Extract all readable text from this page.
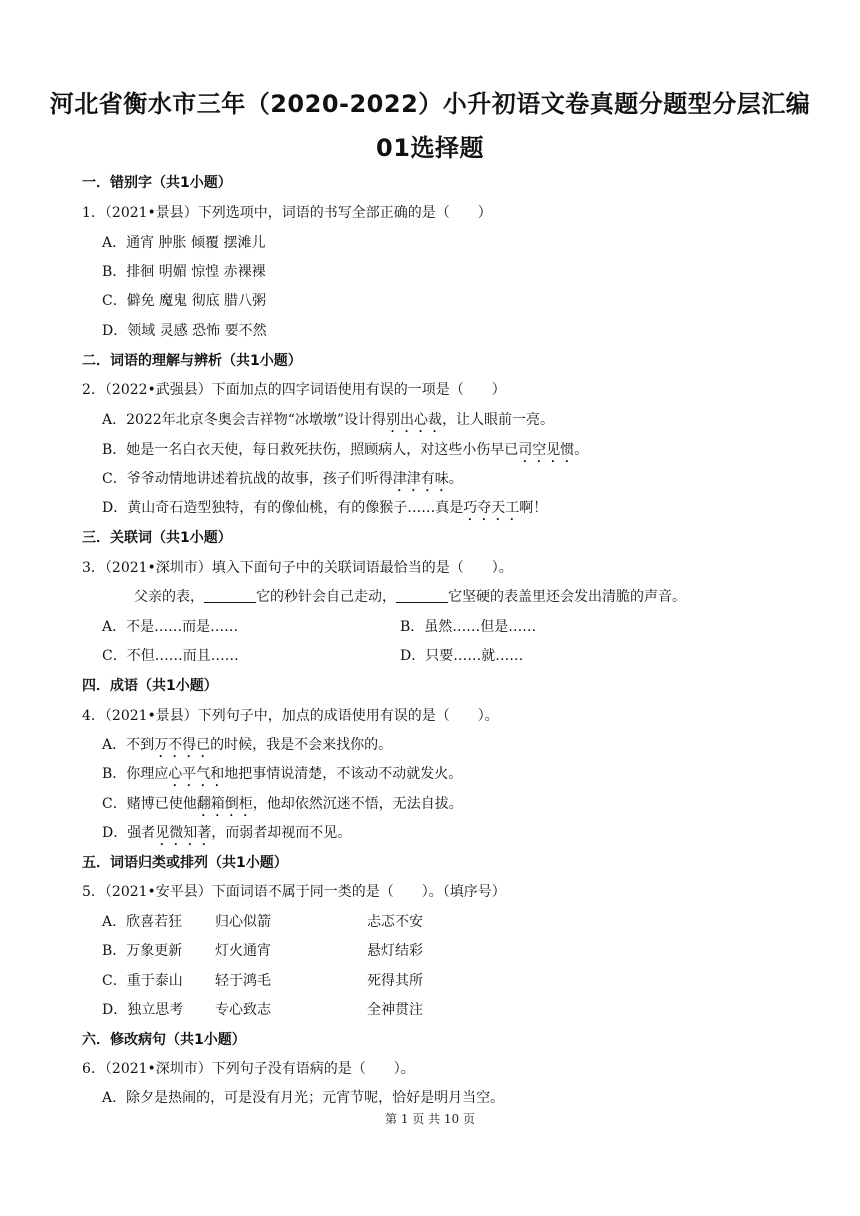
河北省衡水市三年（2020-2022）小升初语文卷真题分题型分层汇编
01选择题
一．错别字（共1小题）
1．（2021•景县）下列选项中，词语的书写全部正确的是（　　）
A．通宵 肿胀 倾覆 摆滩儿
B．排徊 明媚 惊惶 赤裸裸
C．僻免 魔鬼 彻底 腊八粥
D．领域 灵感 恐怖 要不然
二．词语的理解与辨析（共1小题）
2．（2022•武强县）下面加点的四字词语使用有误的一项是（　　）
A．2022年北京冬奥会吉祥物“冰墩墩”设计得别出心裁，让人眼前一亮。
B．她是一名白衣天使，每日救死扶伤，照顾病人，对这些小伤早已司空见惯。
C．爷爷动情地讲述着抗战的故事，孩子们听得津津有味。
D．黄山奇石造型独特，有的像仙桃，有的像猴子……真是巧夺天工啊！
三．关联词（共1小题）
3．（2021•深圳市）填入下面句子中的关联词语最恰当的是（　　）。
父亲的表，	它的秒针会自己走动，	它坚硬的表盖里还会发出清脆的声音。
A．不是……而是……	B．虽然……但是……
C．不但……而且……	D．只要……就……
四．成语（共1小题）
4．（2021•景县）下列句子中，加点的成语使用有误的是（　　）。
A．不到万不得已的时候，我是不会来找你的。
B．你理应心平气和地把事情说清楚，不该动不动就发火。
C．赌博已使他翻箱倒柜，他却依然沉迷不悟，无法自拔。
D．强者见微知著，而弱者却视而不见。
五．词语归类或排列（共1小题）
5．（2021•安平县）下面词语不属于同一类的是（　　）。（填序号）
A．欣喜若狂 归心似箭	忐忑不安
B．万象更新 灯火通宵	悬灯结彩
C．重于泰山 轻于鸿毛	死得其所
D．独立思考 专心致志	全神贯注
六．修改病句（共1小题）
6．（2021•深圳市）下列句子没有语病的是（　　）。
A．除夕是热闹的，可是没有月光；元宵节呢，恰好是明月当空。
第 1 页 共 10 页
